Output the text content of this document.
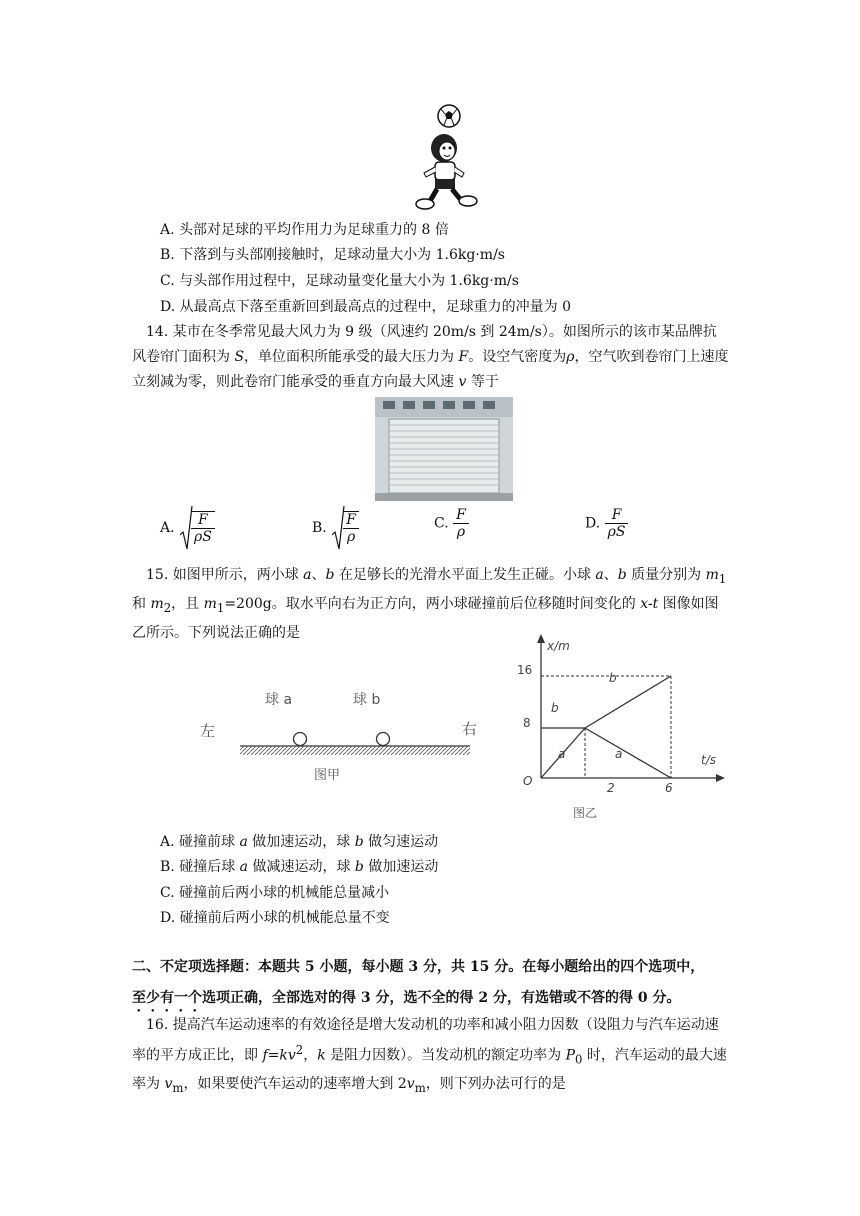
A. 头部对足球的平均作用力为足球重力的 8 倍
B. 下落到与头部刚接触时，足球动量大小为 1.6kg·m/s
C. 与头部作用过程中，足球动量变化量大小为 1.6kg·m/s
D. 从最高点下落至重新回到最高点的过程中，足球重力的冲量为 0
14. 某市在冬季常见最大风力为 9 级（风速约 20m/s 到 24m/s）。如图所示的该市某品牌抗风卷帘门面积为 S，单位面积所能承受的最大压力为 F。设空气密度为ρ，空气吹到卷帘门上速度立刻减为零，则此卷帘门能承受的垂直方向最大风速 v 等于
A. $\frac{F}{\rho S}$	B. $\frac{F}{\rho}$	C. $\frac{F}{\rho}$	D. $\frac{F}{\rho S}$
15. 如图甲所示，两小球 a、b 在足够长的光滑水平面上发生正碰。小球 a、b 质量分别为 $m_1$ 和 $m_2$，且 $m_1=200g$。取水平向右为正方向，两小球碰撞前后位移随时间变化的 x-t 图像如图乙所示。下列说法正确的是
球 a	球 b
左	右
图甲
x/m
t/s
16
8
O	2	6
b
b
a	a
图乙
A. 碰撞前球 a 做加速运动，球 b 做匀速运动
B. 碰撞后球 a 做减速运动，球 b 做加速运动
C. 碰撞前后两小球的机械能总量减小
D. 碰撞前后两小球的机械能总量不变
二、不定项选择题：本题共 5 小题，每小题 3 分，共 15 分。在每小题给出的四个选项中，
至少有一个选项正确，全部选对的得 3 分，选不全的得 2 分，有选错或不答的得 0 分。
16. 提高汽车运动速率的有效途径是增大发动机的功率和减小阻力因数（设阻力与汽车运动速率的平方成正比，即 $f=kv^2$，k 是阻力因数）。当发动机的额定功率为 $P_0$ 时，汽车运动的最大速率为 $v_m$，如果要使汽车运动的速率增大到 $2v_m$，则下列办法可行的是
